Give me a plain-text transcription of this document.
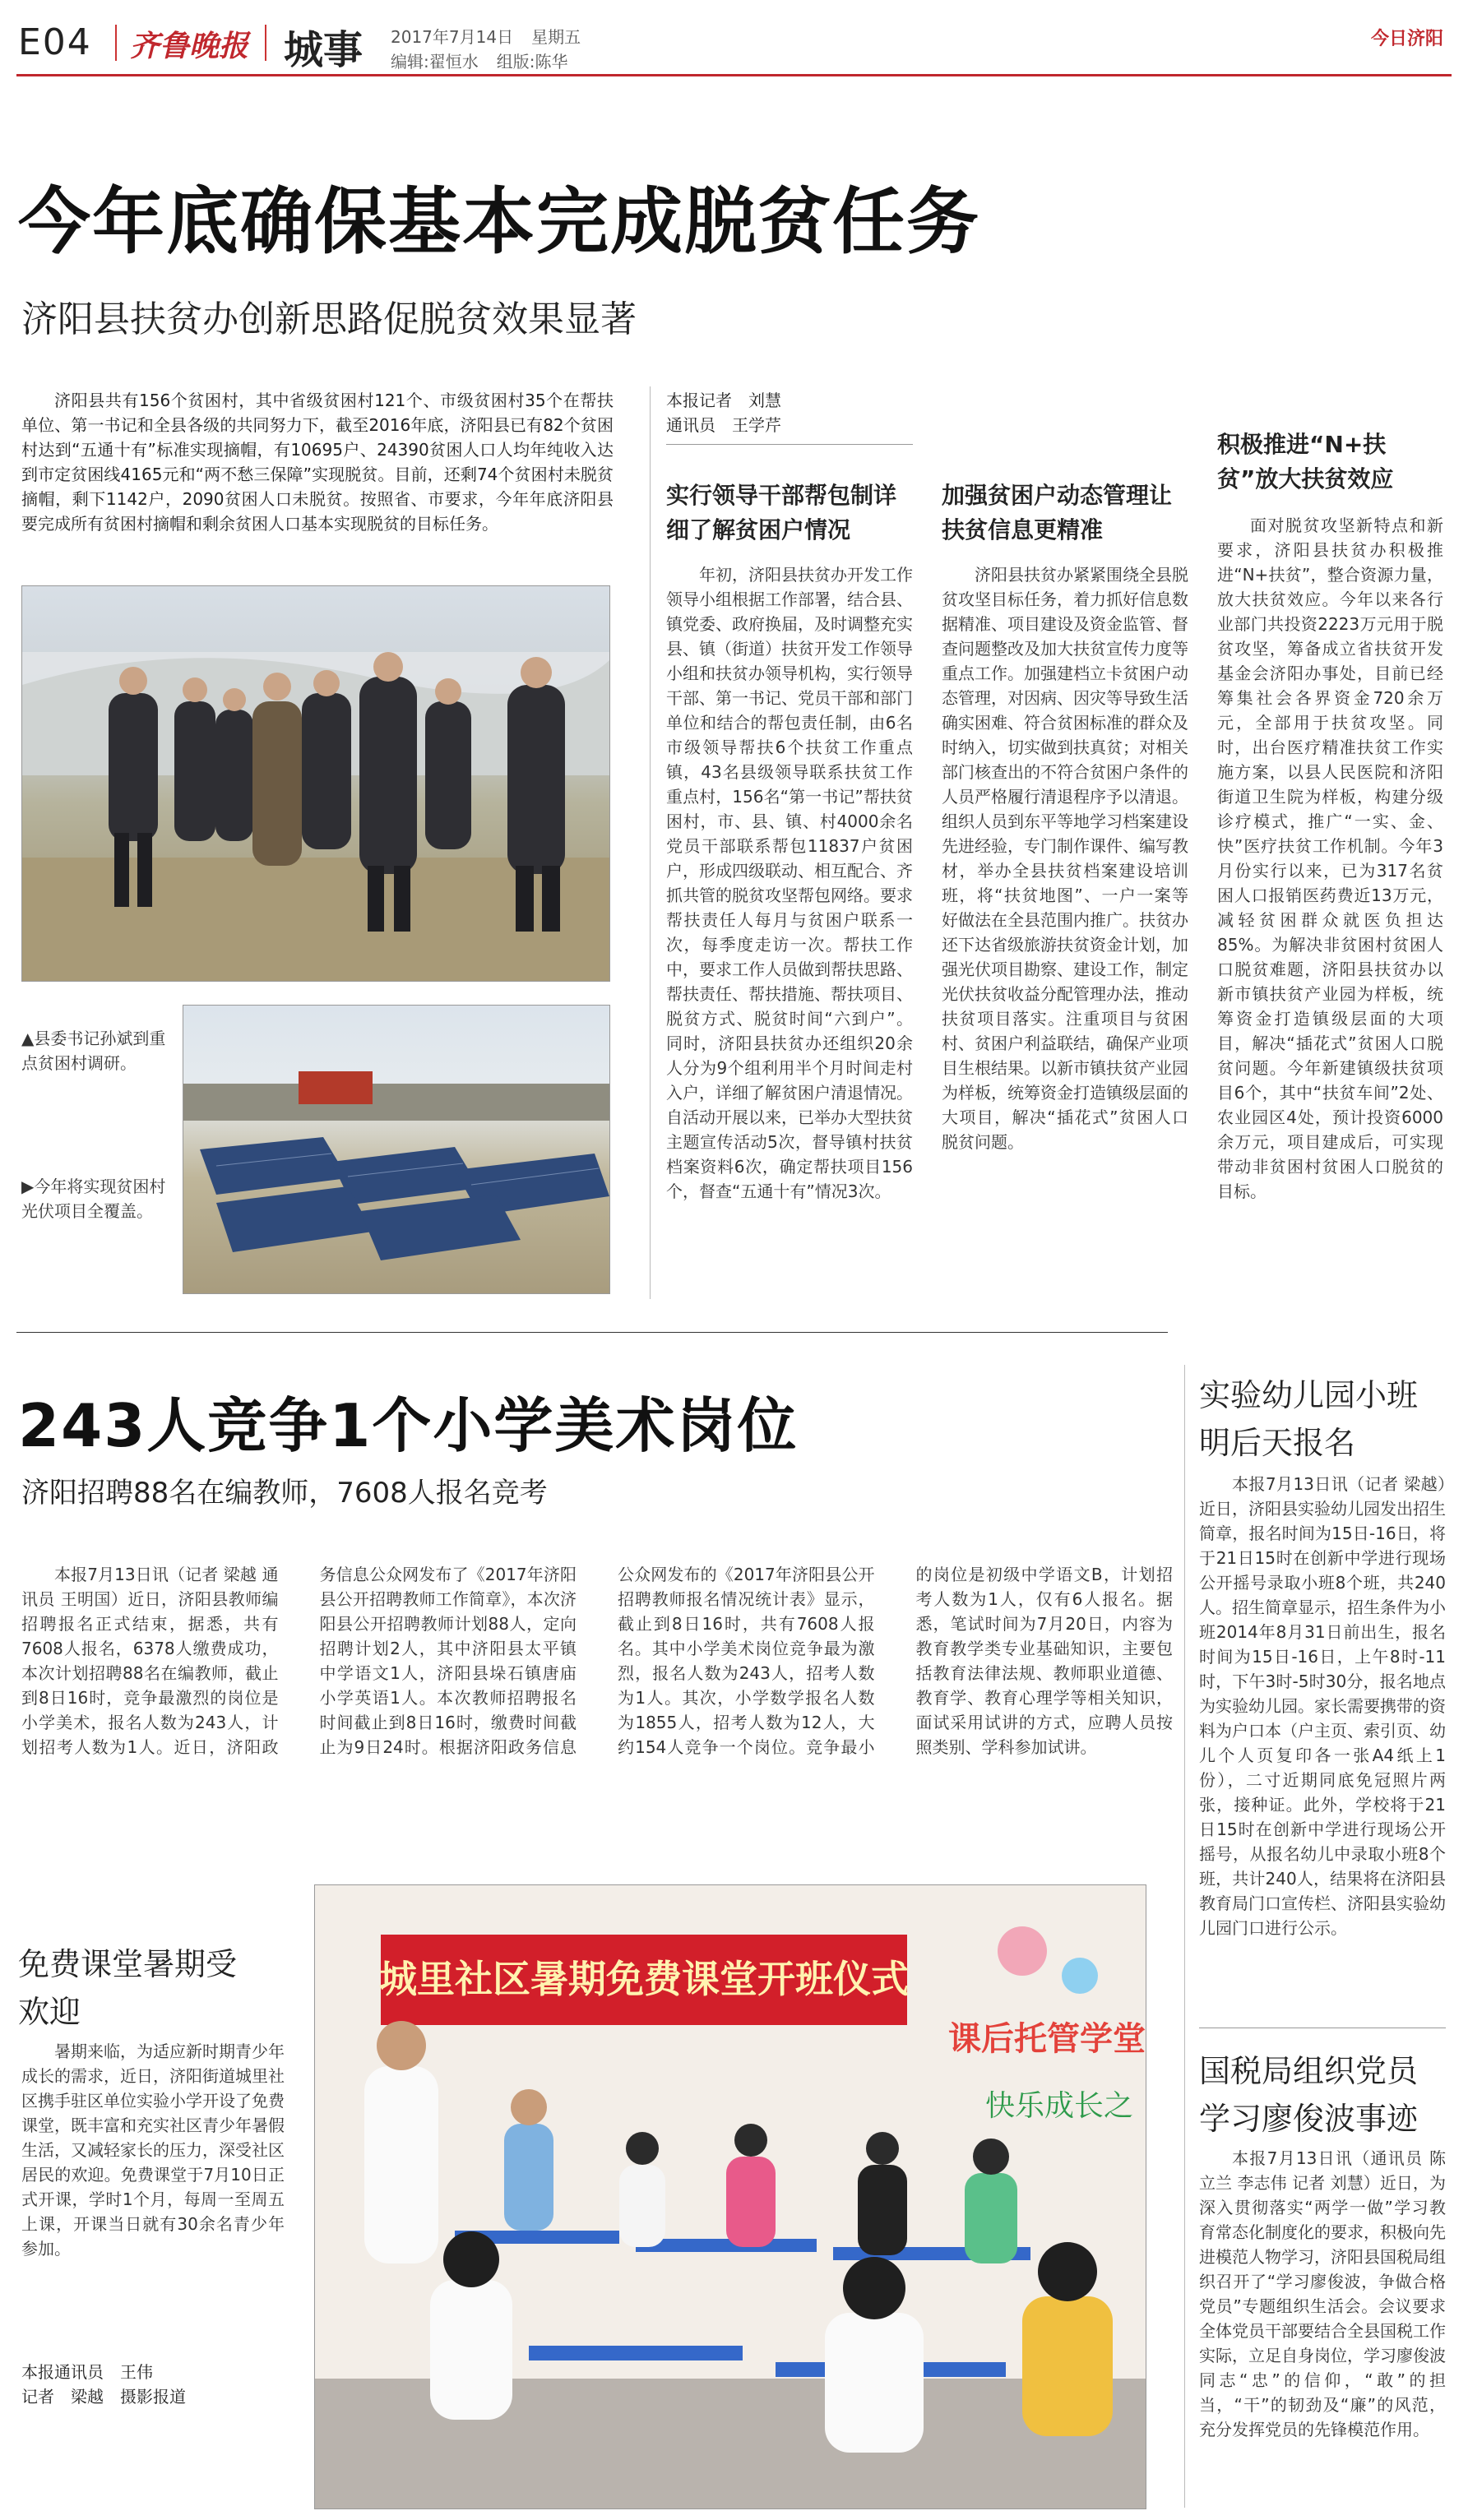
E04 齐鲁晚报 城事 2017年7月14日 星期五
编辑:翟恒水 组版:陈华
今日济阳
今年底确保基本完成脱贫任务
济阳县扶贫办创新思路促脱贫效果显著
济阳县共有156个贫困村，其中省级贫困村121个、市级贫困村35个在帮扶单位、第一书记和全县各级的共同努力下，截至2016年底，济阳县已有82个贫困村达到“五通十有”标准实现摘帽，有10695户、24390贫困人口人均年纯收入达到市定贫困线4165元和“两不愁三保障”实现脱贫。目前，还剩74个贫困村未脱贫摘帽，剩下1142户，2090贫困人口未脱贫。按照省、市要求，今年年底济阳县要完成所有贫困村摘帽和剩余贫困人口基本实现脱贫的目标任务。
▲县委书记孙斌到重点贫困村调研。
▶今年将实现贫困村光伏项目全覆盖。
本报记者　刘慧
通讯员　王学芹
实行领导干部帮包制详细了解贫困户情况
年初，济阳县扶贫办开发工作领导小组根据工作部署，结合县、镇党委、政府换届，及时调整充实县、镇（街道）扶贫开发工作领导小组和扶贫办领导机构，实行领导干部、第一书记、党员干部和部门单位和结合的帮包责任制，由6名市级领导帮扶6个扶贫工作重点镇，43名县级领导联系扶贫工作重点村，156名“第一书记”帮扶贫困村，市、县、镇、村4000余名党员干部联系帮包11837户贫困户，形成四级联动、相互配合、齐抓共管的脱贫攻坚帮包网络。要求帮扶责任人每月与贫困户联系一次，每季度走访一次。帮扶工作中，要求工作人员做到帮扶思路、帮扶责任、帮扶措施、帮扶项目、脱贫方式、脱贫时间“六到户”。同时，济阳县扶贫办还组织20余人分为9个组利用半个月时间走村入户，详细了解贫困户清退情况。自活动开展以来，已举办大型扶贫主题宣传活动5次，督导镇村扶贫档案资料6次，确定帮扶项目156个，督查“五通十有”情况3次。
加强贫困户动态管理让扶贫信息更精准
济阳县扶贫办紧紧围绕全县脱贫攻坚目标任务，着力抓好信息数据精准、项目建设及资金监管、督查问题整改及加大扶贫宣传力度等重点工作。加强建档立卡贫困户动态管理，对因病、因灾等导致生活确实困难、符合贫困标准的群众及时纳入，切实做到扶真贫；对相关部门核查出的不符合贫困户条件的人员严格履行清退程序予以清退。组织人员到东平等地学习档案建设先进经验，专门制作课件、编写教材，举办全县扶贫档案建设培训班，将“扶贫地图”、一户一案等好做法在全县范围内推广。扶贫办还下达省级旅游扶贫资金计划，加强光伏项目勘察、建设工作，制定光伏扶贫收益分配管理办法，推动扶贫项目落实。注重项目与贫困村、贫困户利益联结，确保产业项目生根结果。以新市镇扶贫产业园为样板，统筹资金打造镇级层面的大项目，解决“插花式”贫困人口脱贫问题。
积极推进“N+扶贫”放大扶贫效应
面对脱贫攻坚新特点和新要求，济阳县扶贫办积极推进“N+扶贫”，整合资源力量，放大扶贫效应。今年以来各行业部门共投资2223万元用于脱贫攻坚，筹备成立省扶贫开发基金会济阳办事处，目前已经筹集社会各界资金720余万元，全部用于扶贫攻坚。同时，出台医疗精准扶贫工作实施方案，以县人民医院和济阳街道卫生院为样板，构建分级诊疗模式，推广“一实、金、快”医疗扶贫工作机制。今年3月份实行以来，已为317名贫困人口报销医药费近13万元，减轻贫困群众就医负担达85%。为解决非贫困村贫困人口脱贫难题，济阳县扶贫办以新市镇扶贫产业园为样板，统筹资金打造镇级层面的大项目，解决“插花式”贫困人口脱贫问题。今年新建镇级扶贫项目6个，其中“扶贫车间”2处、农业园区4处，预计投资6000余万元，项目建成后，可实现带动非贫困村贫困人口脱贫的目标。
243人竞争1个小学美术岗位
济阳招聘88名在编教师，7608人报名竞考
本报7月13日讯（记者 梁越 通讯员 王明国）近日，济阳县教师编招聘报名正式结束，据悉，共有7608人报名，6378人缴费成功，本次计划招聘88名在编教师，截止到8日16时，竞争最激烈的岗位是小学美术，报名人数为243人，计划招考人数为1人。近日，济阳政务信息公众网发布了《2017年济阳县公开招聘教师工作简章》，本次济阳县公开招聘教师计划88人，定向招聘计划2人，其中济阳县太平镇中学语文1人，济阳县垛石镇唐庙小学英语1人。本次教师招聘报名时间截止到8日16时，缴费时间截止为9日24时。根据济阳政务信息公众网发布的《2017年济阳县公开招聘教师报名情况统计表》显示，截止到8日16时，共有7608人报名。其中小学美术岗位竞争最为激烈，报名人数为243人，招考人数为1人。其次，小学数学报名人数为1855人，招考人数为12人，大约154人竞争一个岗位。竞争最小的岗位是初级中学语文B，计划招考人数为1人，仅有6人报名。据悉，笔试时间为7月20日，内容为教育教学类专业基础知识，主要包括教育法律法规、教师职业道德、教育学、教育心理学等相关知识，面试采用试讲的方式，应聘人员按照类别、学科参加试讲。
实验幼儿园小班明后天报名
本报7月13日讯（记者 梁越）近日，济阳县实验幼儿园发出招生简章，报名时间为15日-16日，将于21日15时在创新中学进行现场公开摇号录取小班8个班，共240人。招生简章显示，招生条件为小班2014年8月31日前出生，报名时间为15日-16日，上午8时-11时，下午3时-5时30分，报名地点为实验幼儿园。家长需要携带的资料为户口本（户主页、索引页、幼儿个人页复印各一张A4纸上1份），二寸近期同底免冠照片两张，接种证。此外，学校将于21日15时在创新中学进行现场公开摇号，从报名幼儿中录取小班8个班，共计240人，结果将在济阳县教育局门口宣传栏、济阳县实验幼儿园门口进行公示。
国税局组织党员学习廖俊波事迹
本报7月13日讯（通讯员 陈立兰 李志伟 记者 刘慧）近日，为深入贯彻落实“两学一做”学习教育常态化制度化的要求，积极向先进模范人物学习，济阳县国税局组织召开了“学习廖俊波，争做合格党员”专题组织生活会。会议要求全体党员干部要结合全县国税工作实际，立足自身岗位，学习廖俊波同志“忠”的信仰，“敢”的担当，“干”的韧劲及“廉”的风范，充分发挥党员的先锋模范作用。
免费课堂暑期受欢迎
暑期来临，为适应新时期青少年成长的需求，近日，济阳街道城里社区携手驻区单位实验小学开设了免费课堂，既丰富和充实社区青少年暑假生活，又减轻家长的压力，深受社区居民的欢迎。免费课堂于7月10日正式开课，学时1个月，每周一至周五上课，开课当日就有30余名青少年参加。
本报通讯员　王伟
记者　梁越　摄影报道
城里社区暑期免费课堂开班仪式
课后托管学堂
快乐成长之
